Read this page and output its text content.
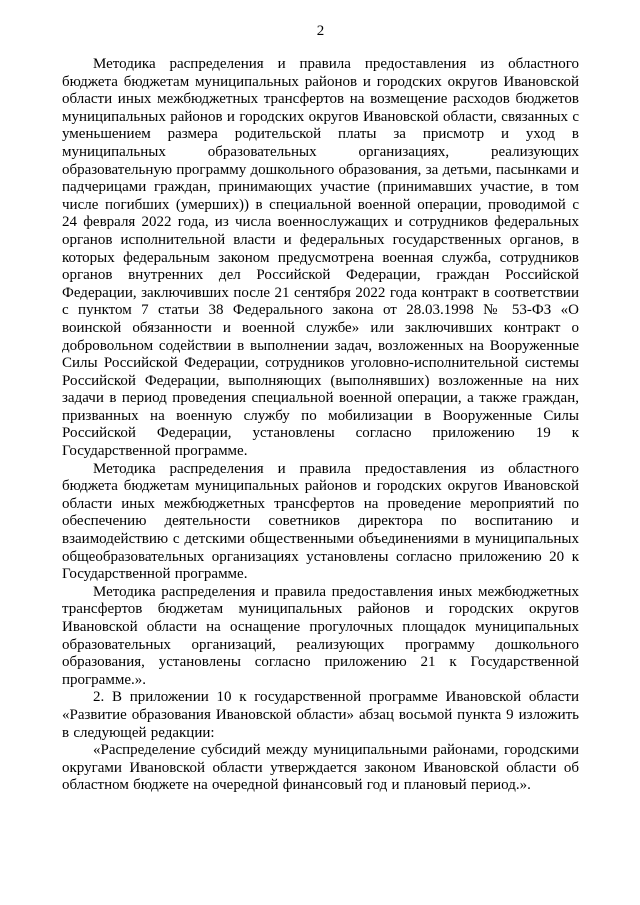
2

Методика распределения и правила предоставления из областного бюджета бюджетам муниципальных районов и городских округов Ивановской области иных межбюджетных трансфертов на возмещение расходов бюджетов муниципальных районов и городских округов Ивановской области, связанных с уменьшением размера родительской платы за присмотр и уход в муниципальных образовательных организациях, реализующих образовательную программу дошкольного образования, за детьми, пасынками и падчерицами граждан, принимающих участие (принимавших участие, в том числе погибших (умерших)) в специальной военной операции, проводимой с 24 февраля 2022 года, из числа военнослужащих и сотрудников федеральных органов исполнительной власти и федеральных государственных органов, в которых федеральным законом предусмотрена военная служба, сотрудников органов внутренних дел Российской Федерации, граждан Российской Федерации, заключивших после 21 сентября 2022 года контракт в соответствии с пунктом 7 статьи 38 Федерального закона от 28.03.1998 № 53-ФЗ «О воинской обязанности и военной службе» или заключивших контракт о добровольном содействии в выполнении задач, возложенных на Вооруженные Силы Российской Федерации, сотрудников уголовно-исполнительной системы Российской Федерации, выполняющих (выполнявших) возложенные на них задачи в период проведения специальной военной операции, а также граждан, призванных на военную службу по мобилизации в Вооруженные Силы Российской Федерации, установлены согласно приложению 19 к Государственной программе.

Методика распределения и правила предоставления из областного бюджета бюджетам муниципальных районов и городских округов Ивановской области иных межбюджетных трансфертов на проведение мероприятий по обеспечению деятельности советников директора по воспитанию и взаимодействию с детскими общественными объединениями в муниципальных общеобразовательных организациях установлены согласно приложению 20 к Государственной программе.

Методика распределения и правила предоставления иных межбюджетных трансфертов бюджетам муниципальных районов и городских округов Ивановской области на оснащение прогулочных площадок муниципальных образовательных организаций, реализующих программу дошкольного образования, установлены согласно приложению 21 к Государственной программе.».

2. В приложении 10 к государственной программе Ивановской области «Развитие образования Ивановской области» абзац восьмой пункта 9 изложить в следующей редакции:

«Распределение субсидий между муниципальными районами, городскими округами Ивановской области утверждается законом Ивановской области об областном бюджете на очередной финансовый год и плановый период.».
